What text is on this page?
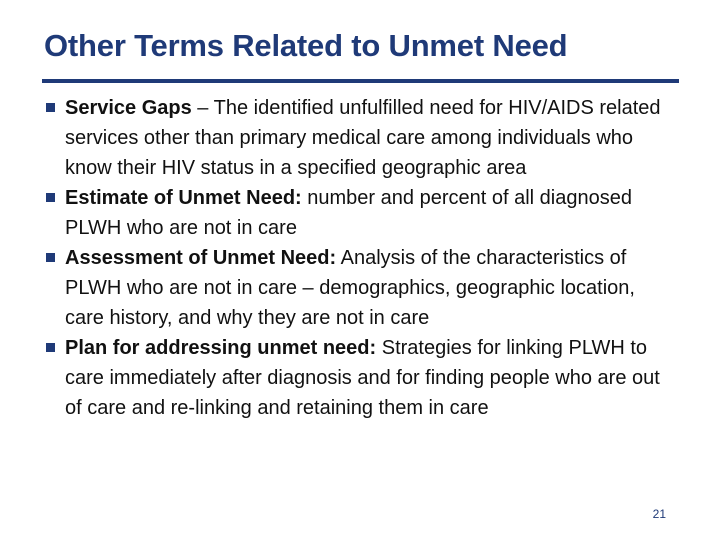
Other Terms Related to Unmet Need
Service Gaps – The identified unfulfilled need for HIV/AIDS related services other than primary medical care among individuals who know their HIV status in a specified geographic area
Estimate of Unmet Need: number and percent of all diagnosed PLWH who are not in care
Assessment of Unmet Need: Analysis of the characteristics of PLWH who are not in care – demographics, geographic location, care history, and why they are not in care
Plan for addressing unmet need: Strategies for linking PLWH to care immediately after diagnosis and for finding people who are out of care and re-linking and retaining them in care
21
